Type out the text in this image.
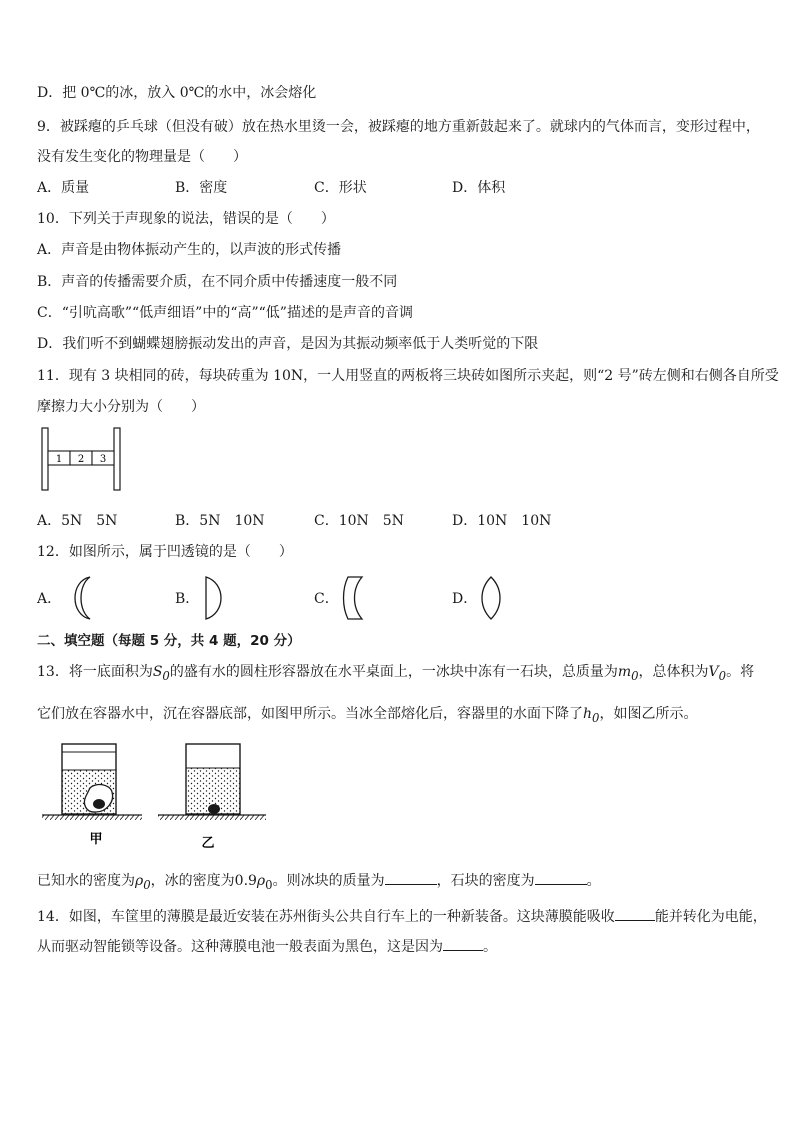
D．把 0℃的冰，放入 0℃的水中，冰会熔化
9．被踩瘪的乒乓球（但没有破）放在热水里烫一会，被踩瘪的地方重新鼓起来了。就球内的气体而言，变形过程中，
没有发生变化的物理量是（　　）
A．质量	B．密度	C．形状	D．体积
10．下列关于声现象的说法，错误的是（　　）
A．声音是由物体振动产生的，以声波的形式传播
B．声音的传播需要介质，在不同介质中传播速度一般不同
C．“引吭高歌”“低声细语”中的“高”“低”描述的是声音的音调
D．我们听不到蝴蝶翅膀振动发出的声音，是因为其振动频率低于人类听觉的下限
11．现有 3 块相同的砖，每块砖重为 10N，一人用竖直的两板将三块砖如图所示夹起，则“2 号”砖左侧和右侧各自所受
摩擦力大小分别为（　　）
1 2 3
A．5N　5N	B．5N　10N	C．10N　5N	D．10N　10N
12．如图所示，属于凹透镜的是（　　）
A．	B．	C．	D．
二、填空题（每题 5 分，共 4 题，20 分）
13．将一底面积为$S_0$的盛有水的圆柱形容器放在水平桌面上，一冰块中冻有一石块，总质量为$m_0$，总体积为$V_0$。将
它们放在容器水中，沉在容器底部，如图甲所示。当冰全部熔化后，容器里的水面下降了$h_0$，如图乙所示。
甲	乙
已知水的密度为$\rho_0$，冰的密度为$0.9\rho_0$。则冰块的质量为	，石块的密度为	。
14．如图，车筐里的薄膜是最近安装在苏州街头公共自行车上的一种新装备。这块薄膜能吸收	能并转化为电能，
从而驱动智能锁等设备。这种薄膜电池一般表面为黑色，这是因为	。
